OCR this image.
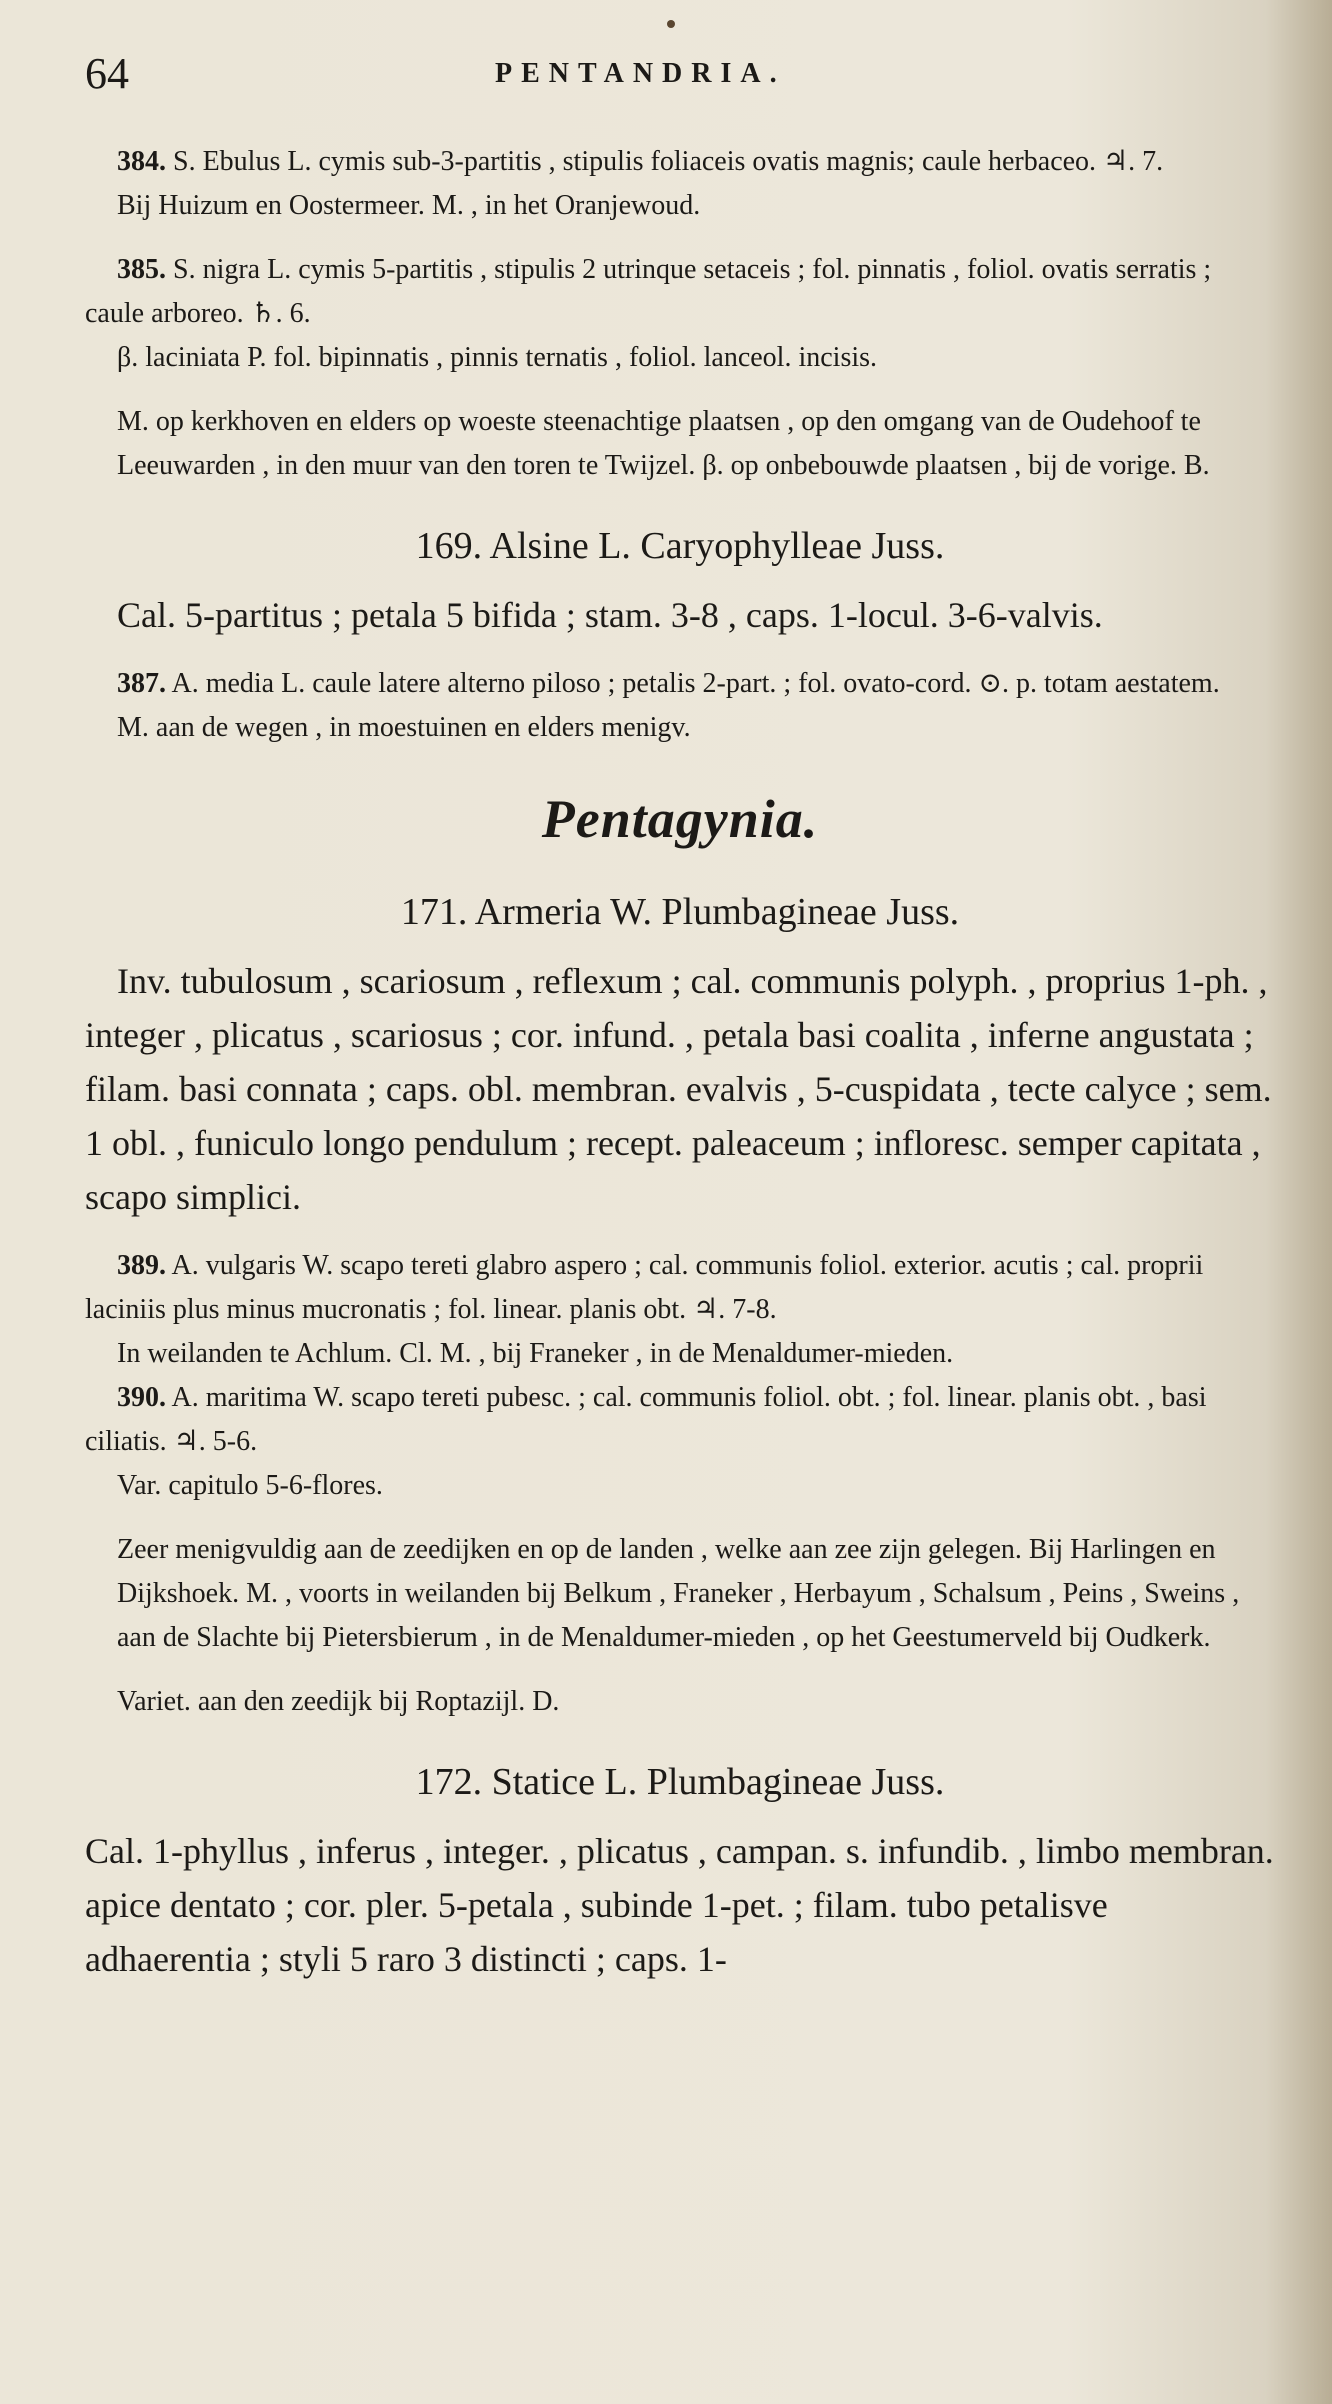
64	PENTANDRIA.

384. S. Ebulus L. cymis sub-3-partitis , stipulis foliaceis ovatis magnis; caule herbaceo. ♃. 7.

Bij Huizum en Oostermeer. M. , in het Oranjewoud.

385. S. nigra L. cymis 5-partitis , stipulis 2 utrinque setaceis ; fol. pinnatis , foliol. ovatis serratis ; caule arboreo. ♄. 6.

β. laciniata P. fol. bipinnatis , pinnis ternatis , foliol. lanceol. incisis.

M. op kerkhoven en elders op woeste steenachtige plaatsen , op den omgang van de Oudehoof te Leeuwarden , in den muur van den toren te Twijzel. β. op onbebouwde plaatsen , bij de vorige. B.

169. Alsine L. Caryophylleae Juss.

Cal. 5-partitus ; petala 5 bifida ; stam. 3-8 , caps. 1-locul. 3-6-valvis.

387. A. media L. caule latere alterno piloso ; petalis 2-part. ; fol. ovato-cord. ⊙. p. totam aestatem.

M. aan de wegen , in moestuinen en elders menigv.

Pentagynia.

171. Armeria W. Plumbagineae Juss.

Inv. tubulosum , scariosum , reflexum ; cal. communis polyph. , proprius 1-ph. , integer , plicatus , scariosus ; cor. infund. , petala basi coalita , inferne angustata ; filam. basi connata ; caps. obl. membran. evalvis , 5-cuspidata , tecte calyce ; sem. 1 obl. , funiculo longo pendulum ; recept. paleaceum ; infloresc. semper capitata , scapo simplici.

389. A. vulgaris W. scapo tereti glabro aspero ; cal. communis foliol. exterior. acutis ; cal. proprii laciniis plus minus mucronatis ; fol. linear. planis obt. ♃. 7-8.

In weilanden te Achlum. Cl. M. , bij Franeker , in de Menaldumer-mieden.

390. A. maritima W. scapo tereti pubesc. ; cal. communis foliol. obt. ; fol. linear. planis obt. , basi ciliatis. ♃. 5-6.

Var. capitulo 5-6-flores.

Zeer menigvuldig aan de zeedijken en op de landen , welke aan zee zijn gelegen. Bij Harlingen en Dijkshoek. M. , voorts in weilanden bij Belkum , Franeker , Herbayum , Schalsum , Peins , Sweins , aan de Slachte bij Pietersbierum , in de Menaldumer-mieden , op het Geestumerveld bij Oudkerk.

Variet. aan den zeedijk bij Roptazijl. D.

172. Statice L. Plumbagineae Juss.

Cal. 1-phyllus , inferus , integer. , plicatus , campan. s. infundib. , limbo membran. apice dentato ; cor. pler. 5-petala , subinde 1-pet. ; filam. tubo petalisve adhaerentia ; styli 5 raro 3 distincti ; caps. 1-
